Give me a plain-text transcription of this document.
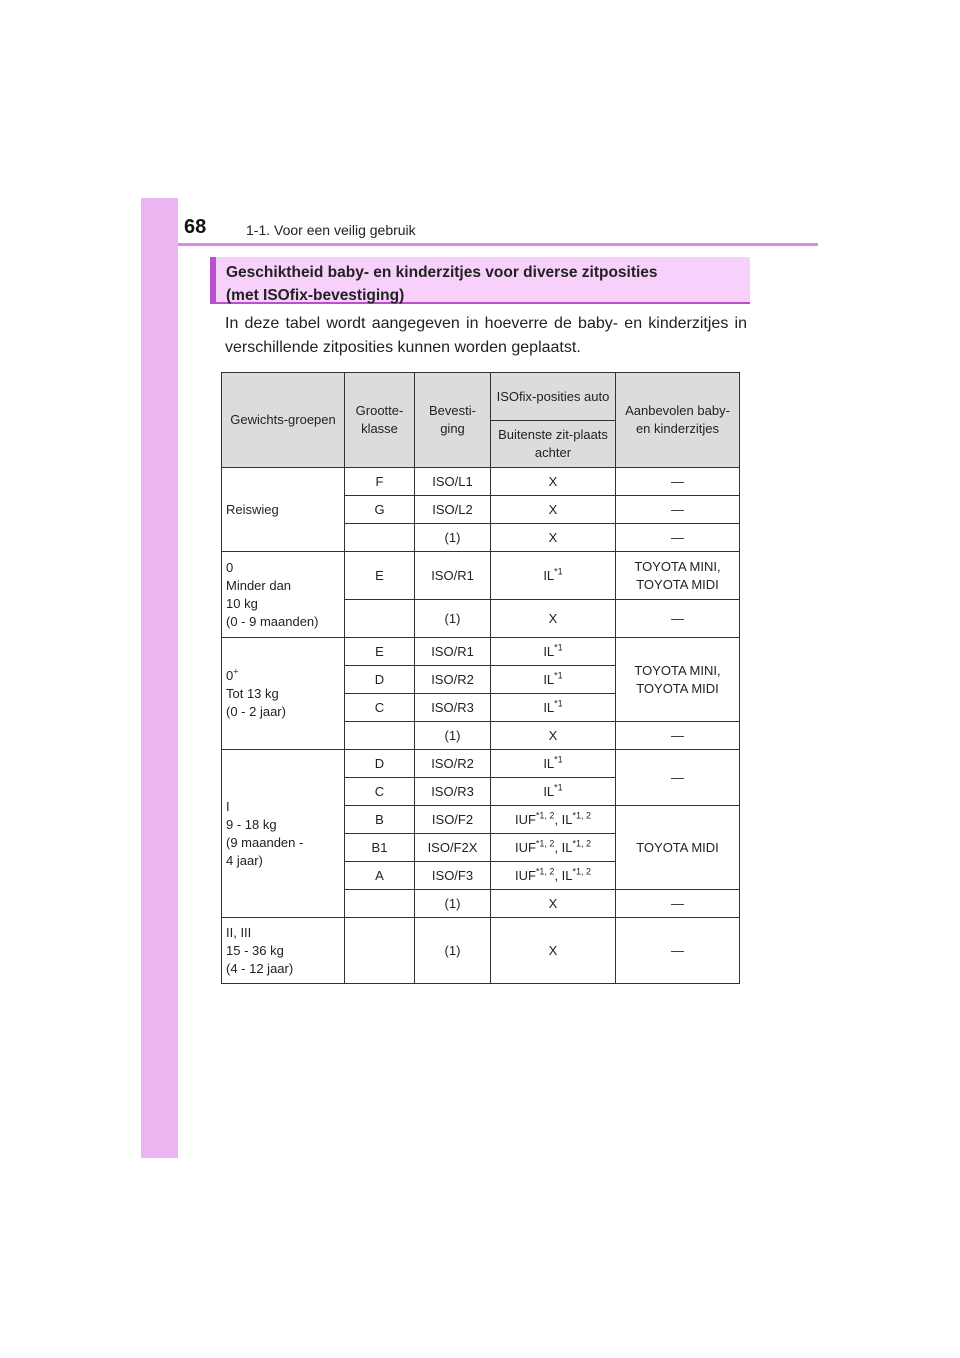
68	1-1. Voor een veilig gebruik
Geschiktheid baby- en kinderzitjes voor diverse zitposities
(met ISOfix-bevestiging)
In deze tabel wordt aangegeven in hoeverre de baby- en kinderzitjes in verschillende zitposities kunnen worden geplaatst.
Gewichts-groepen	Grootte-klasse	Bevesti-ging	ISOfix-posities auto	Aanbevolen baby- en kinderzitjes
			Buitenste zit-plaats achter	
Reiswieg	F	ISO/L1	X	—
	G	ISO/L2	X	—
		(1)	X	—

0
Minder dan
10 kg
(0 - 9 maanden)	E	ISO/R1	IL$^{*1}$	TOYOTA MINI, TOYOTA MIDI
		(1)	X	—

0+
Tot 13 kg
(0 - 2 jaar)	E	ISO/R1	IL$^{*1}$	TOYOTA MINI, TOYOTA MIDI
	D	ISO/R2	IL$^{*1}$
	C	ISO/R3	IL$^{*1}$
		(1)	X	—

I
9 - 18 kg
(9 maanden -
4 jaar)	D	ISO/R2	IL$^{*1}$	—
	C	ISO/R3	IL$^{*1}$
	B	ISO/F2	IUF$^{*1, 2}$, IL$^{*1, 2}$	TOYOTA MIDI
	B1	ISO/F2X	IUF$^{*1, 2}$, IL$^{*1, 2}$
	A	ISO/F3	IUF$^{*1, 2}$, IL$^{*1, 2}$
		(1)	X	—

II, III
15 - 36 kg
(4 - 12 jaar)		(1)	X	—
